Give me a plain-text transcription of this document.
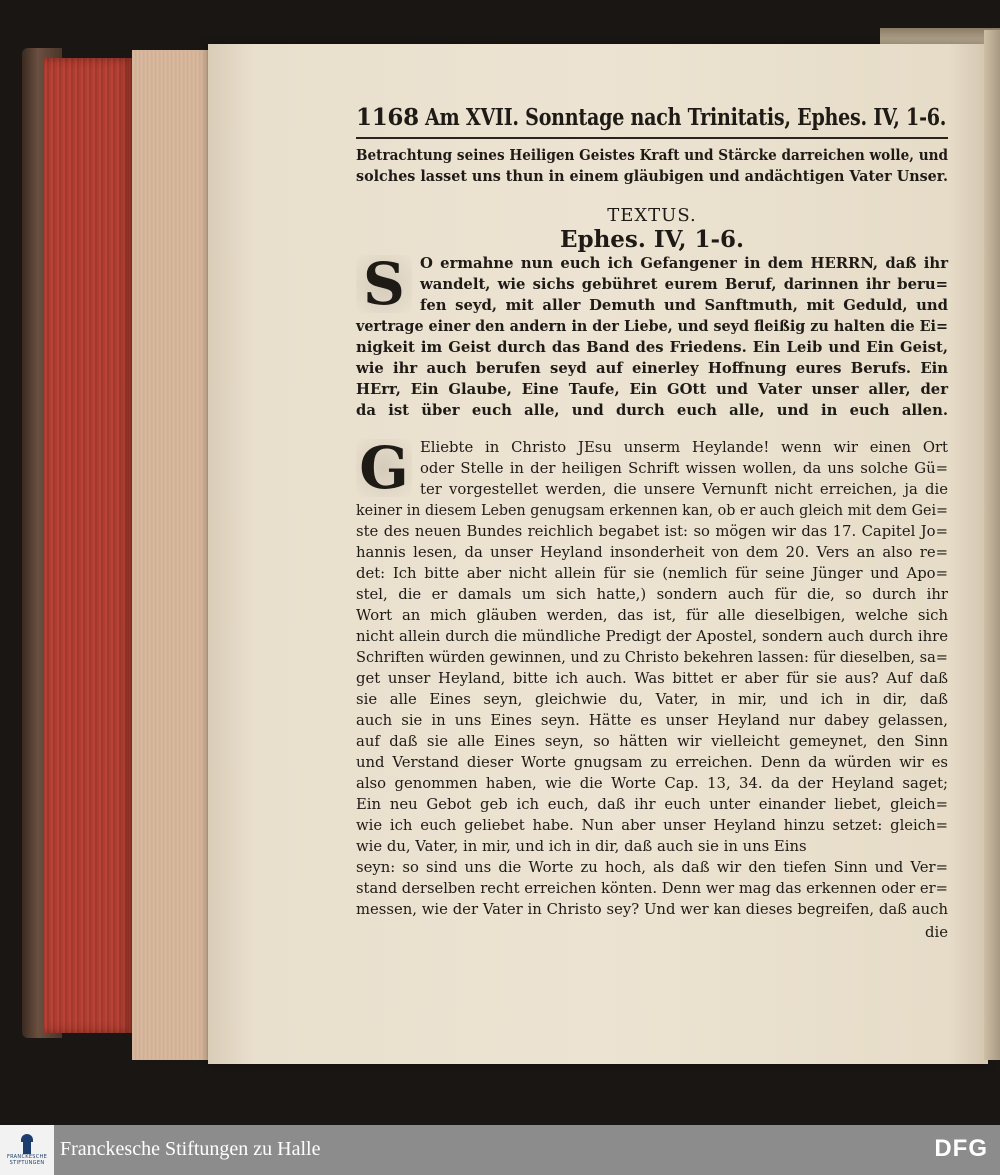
1168 Am XVII. Sonntage nach Trinitatis, Ephes. IV, 1-6.
Betrachtung seines Heiligen Geistes Kraft und Stärcke darreichen wolle, und
solches lasset uns thun in einem gläubigen und andächtigen Vater Unser.
TEXTUS.
Ephes. IV, 1-6.
S	O ermahne nun euch ich Gefangener in dem HERRN, daß ihr
wandelt, wie sichs gebühret eurem Beruf, darinnen ihr beru=
fen seyd, mit aller Demuth und Sanftmuth, mit Geduld, und
vertrage einer den andern in der Liebe, und seyd fleißig zu halten die Ei=
nigkeit im Geist durch das Band des Friedens. Ein Leib und Ein Geist,
wie ihr auch berufen seyd auf einerley Hoffnung eures Berufs. Ein
HErr, Ein Glaube, Eine Taufe, Ein GOtt und Vater unser aller, der
da ist über euch alle, und durch euch alle, und in euch allen.
G Eliebte in Christo JEsu unserm Heylande! wenn wir einen Ort
oder Stelle in der heiligen Schrift wissen wollen, da uns solche Gü=
ter vorgestellet werden, die unsere Vernunft nicht erreichen, ja die
keiner in diesem Leben genugsam erkennen kan, ob er auch gleich mit dem Gei=
ste des neuen Bundes reichlich begabet ist: so mögen wir das 17. Capitel Jo=
hannis lesen, da unser Heyland insonderheit von dem 20. Vers an also re=
det: Ich bitte aber nicht allein für sie (nemlich für seine Jünger und Apo=
stel, die er damals um sich hatte,) sondern auch für die, so durch ihr
Wort an mich gläuben werden, das ist, für alle dieselbigen, welche sich
nicht allein durch die mündliche Predigt der Apostel, sondern auch durch ihre
Schriften würden gewinnen, und zu Christo bekehren lassen: für dieselben, sa=
get unser Heyland, bitte ich auch. Was bittet er aber für sie aus? Auf daß
sie alle Eines seyn, gleichwie du, Vater, in mir, und ich in dir, daß
auch sie in uns Eines seyn. Hätte es unser Heyland nur dabey gelassen,
auf daß sie alle Eines seyn, so hätten wir vielleicht gemeynet, den Sinn
und Verstand dieser Worte gnugsam zu erreichen. Denn da würden wir es
also genommen haben, wie die Worte Cap. 13, 34. da der Heyland saget;
Ein neu Gebot geb ich euch, daß ihr euch unter einander liebet, gleich=
wie ich euch geliebet habe. Nun aber unser Heyland hinzu setzet: gleich=
wie du, Vater, in mir, und ich in dir, daß auch sie in uns Eins
seyn: so sind uns die Worte zu hoch, als daß wir den tiefen Sinn und Ver=
stand derselben recht erreichen könten. Denn wer mag das erkennen oder er=
messen, wie der Vater in Christo sey? Und wer kan dieses begreifen, daß auch
die
FRANCKESCHE
STIFTUNGEN
Franckesche Stiftungen zu Halle	DFG
